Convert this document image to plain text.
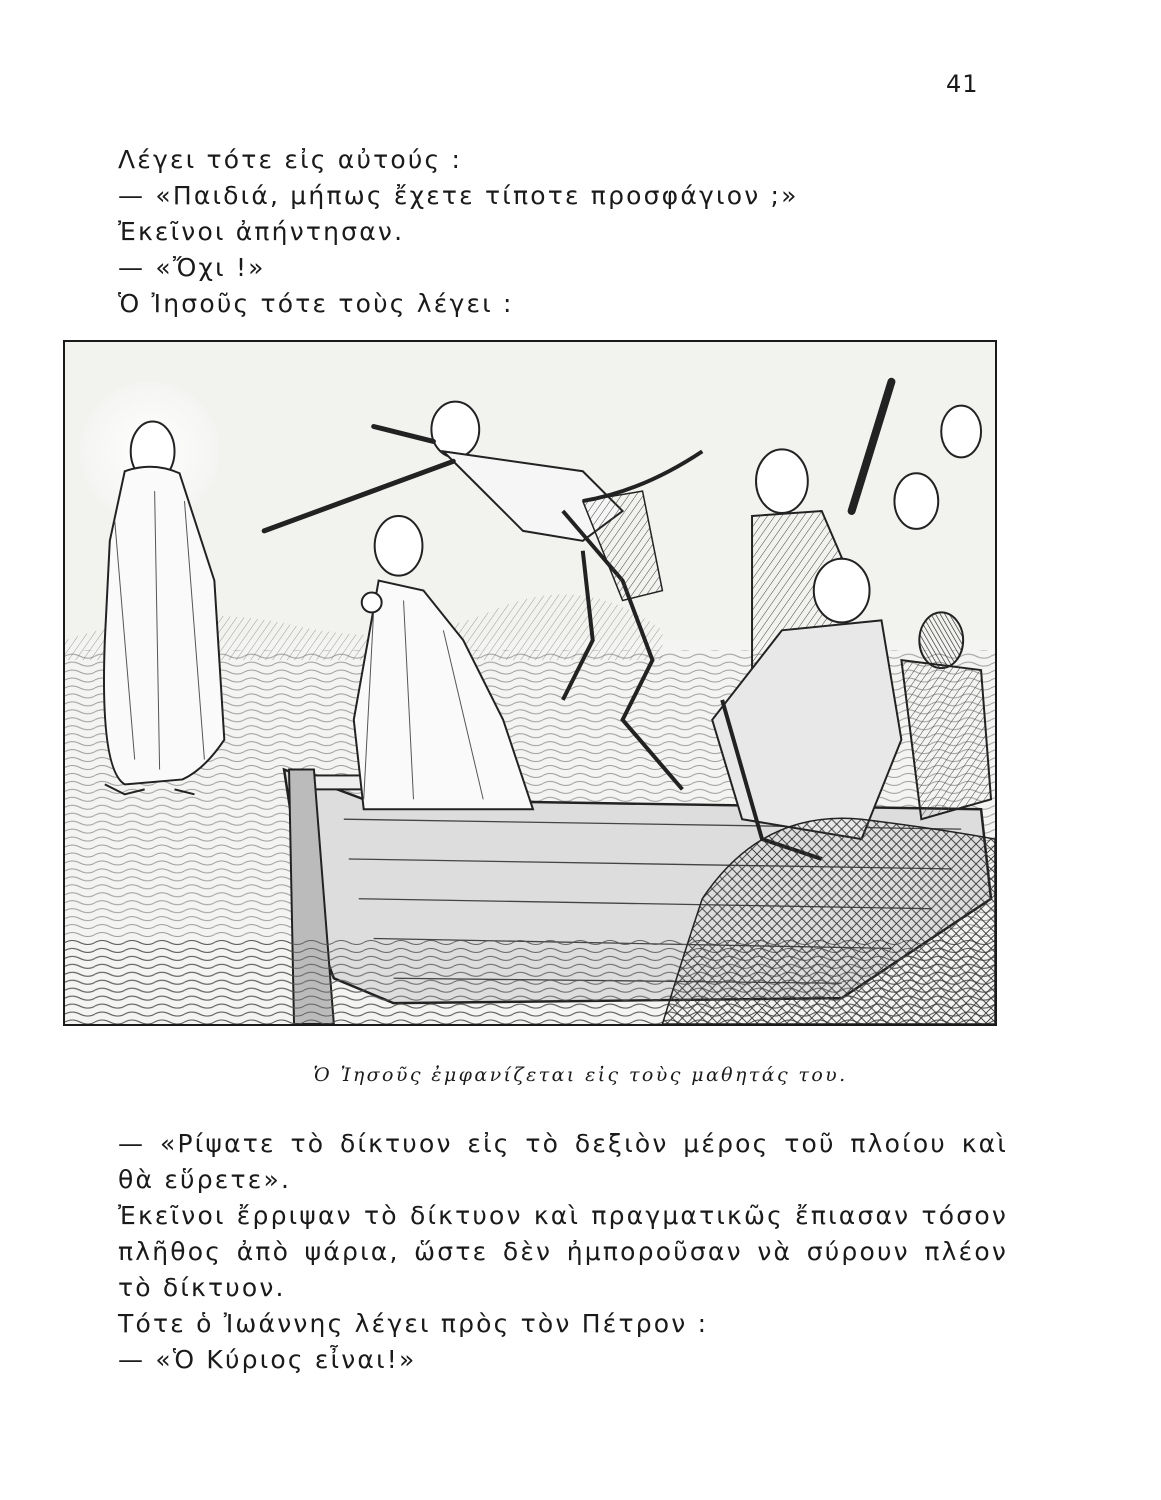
41

Λέγει τότε εἰς αὐτούς :

— «Παιδιά, μήπως ἔχετε τίποτε προσφάγιον ;»

Ἐκεῖνοι ἀπήντησαν.

— «Ὄχι !»

Ὁ Ἰησοῦς τότε τοὺς λέγει :

Ὁ Ἰησοῦς ἐμφανίζεται εἰς τοὺς μαθητάς του.

— «Ρίψατε τὸ δίκτυον εἰς τὸ δεξιὸν μέρος τοῦ πλοίου καὶ θὰ εὕρετε».

Ἐκεῖνοι ἔρριψαν τὸ δίκτυον καὶ πραγματικῶς ἔπιασαν τόσον πλῆθος ἀπὸ ψάρια, ὥστε δὲν ἠμποροῦσαν νὰ σύρουν πλέον τὸ δίκτυον.

Τότε ὁ Ἰωάννης λέγει πρὸς τὸν Πέτρον :

— «Ὁ Κύριος εἶναι!»
